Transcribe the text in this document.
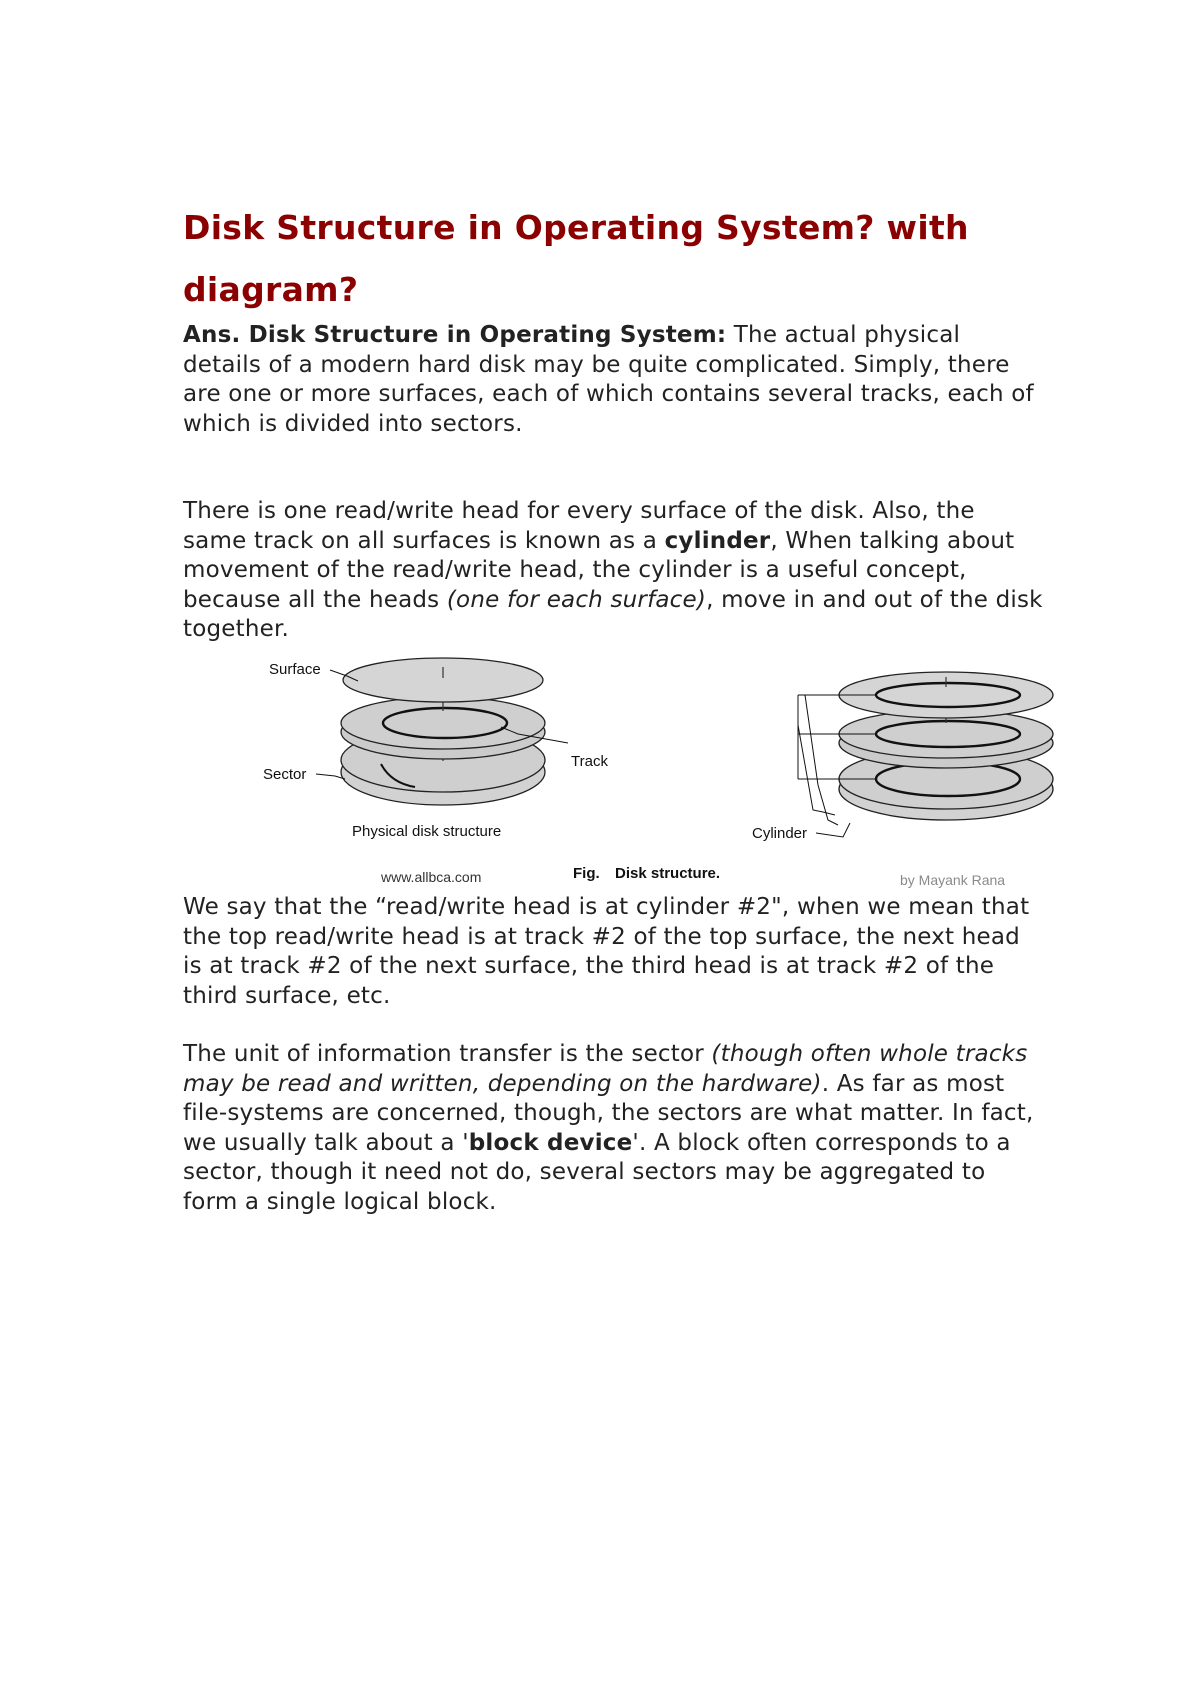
Disk Structure in Operating System? with diagram?

Ans. Disk Structure in Operating System: The actual physical details of a modern hard disk may be quite complicated. Simply, there are one or more surfaces, each of which contains several tracks, each of which is divided into sectors.

There is one read/write head for every surface of the disk. Also, the same track on all surfaces is known as a cylinder, When talking about movement of the read/write head, the cylinder is a useful concept, because all the heads (one for each surface), move in and out of the disk together.

Surface
Track
Sector
Physical disk structure	Cylinder
www.allbca.com	Fig. Disk structure.	by Mayank Rana

We say that the “read/write head is at cylinder #2", when we mean that the top read/write head is at track #2 of the top surface, the next head is at track #2 of the next surface, the third head is at track #2 of the third surface, etc.

The unit of information transfer is the sector (though often whole tracks may be read and written, depending on the hardware). As far as most file-systems are concerned, though, the sectors are what matter. In fact, we usually talk about a 'block device'. A block often corresponds to a sector, though it need not do, several sectors may be aggregated to form a single logical block.
